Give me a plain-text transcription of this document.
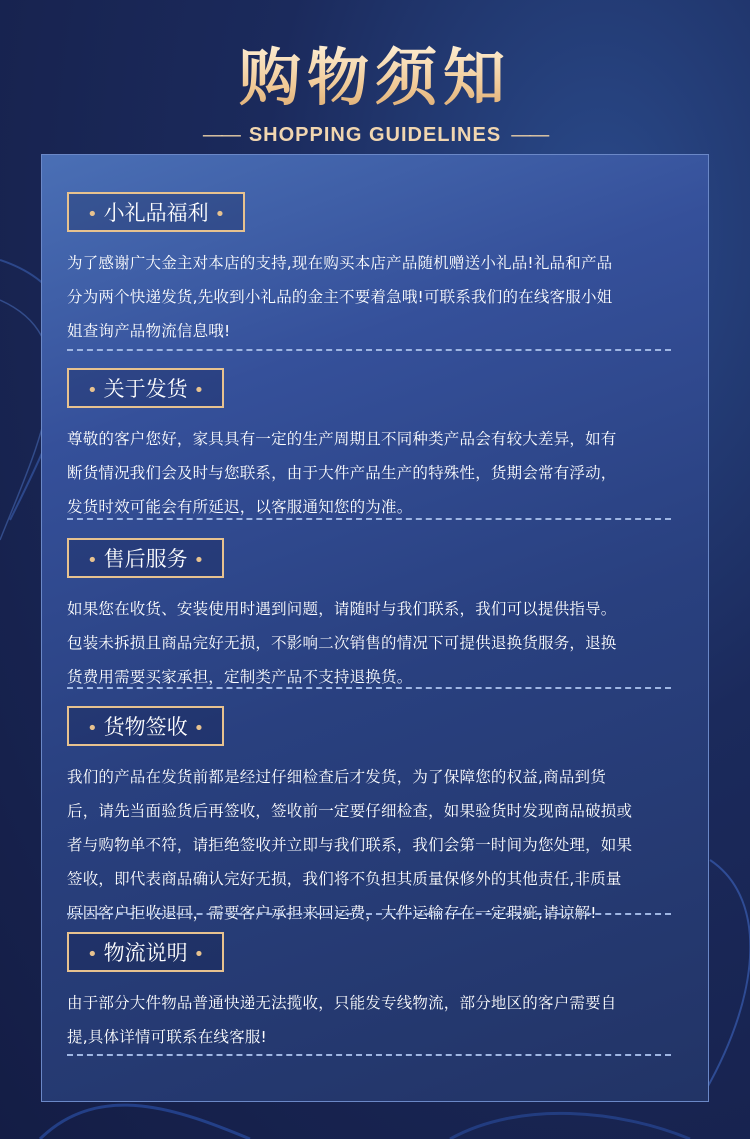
购物须知
—— SHOPPING GUIDELINES ——
• 小礼品福利 •
为了感谢广大金主对本店的支持,现在购买本店产品随机赠送小礼品!礼品和产品
分为两个快递发货,先收到小礼品的金主不要着急哦!可联系我们的在线客服小姐
姐查询产品物流信息哦!
• 关于发货 •
尊敬的客户您好，家具具有一定的生产周期且不同种类产品会有较大差异，如有
断货情况我们会及时与您联系，由于大件产品生产的特殊性，货期会常有浮动，
发货时效可能会有所延迟，以客服通知您的为准。
• 售后服务 •
如果您在收货、安装使用时遇到问题，请随时与我们联系，我们可以提供指导。
包装未拆损且商品完好无损，不影响二次销售的情况下可提供退换货服务，退换
货费用需要买家承担，定制类产品不支持退换货。
• 货物签收 •
我们的产品在发货前都是经过仔细检查后才发货，为了保障您的权益,商品到货
后，请先当面验货后再签收，签收前一定要仔细检查，如果验货时发现商品破损或
者与购物单不符，请拒绝签收并立即与我们联系，我们会第一时间为您处理，如果
签收，即代表商品确认完好无损，我们将不负担其质量保修外的其他责任,非质量
原因客户拒收退回，需要客户承担来回运费，大件运输存在一定瑕疵,请谅解!
• 物流说明 •
由于部分大件物品普通快递无法揽收，只能发专线物流，部分地区的客户需要自
提,具体详情可联系在线客服!
